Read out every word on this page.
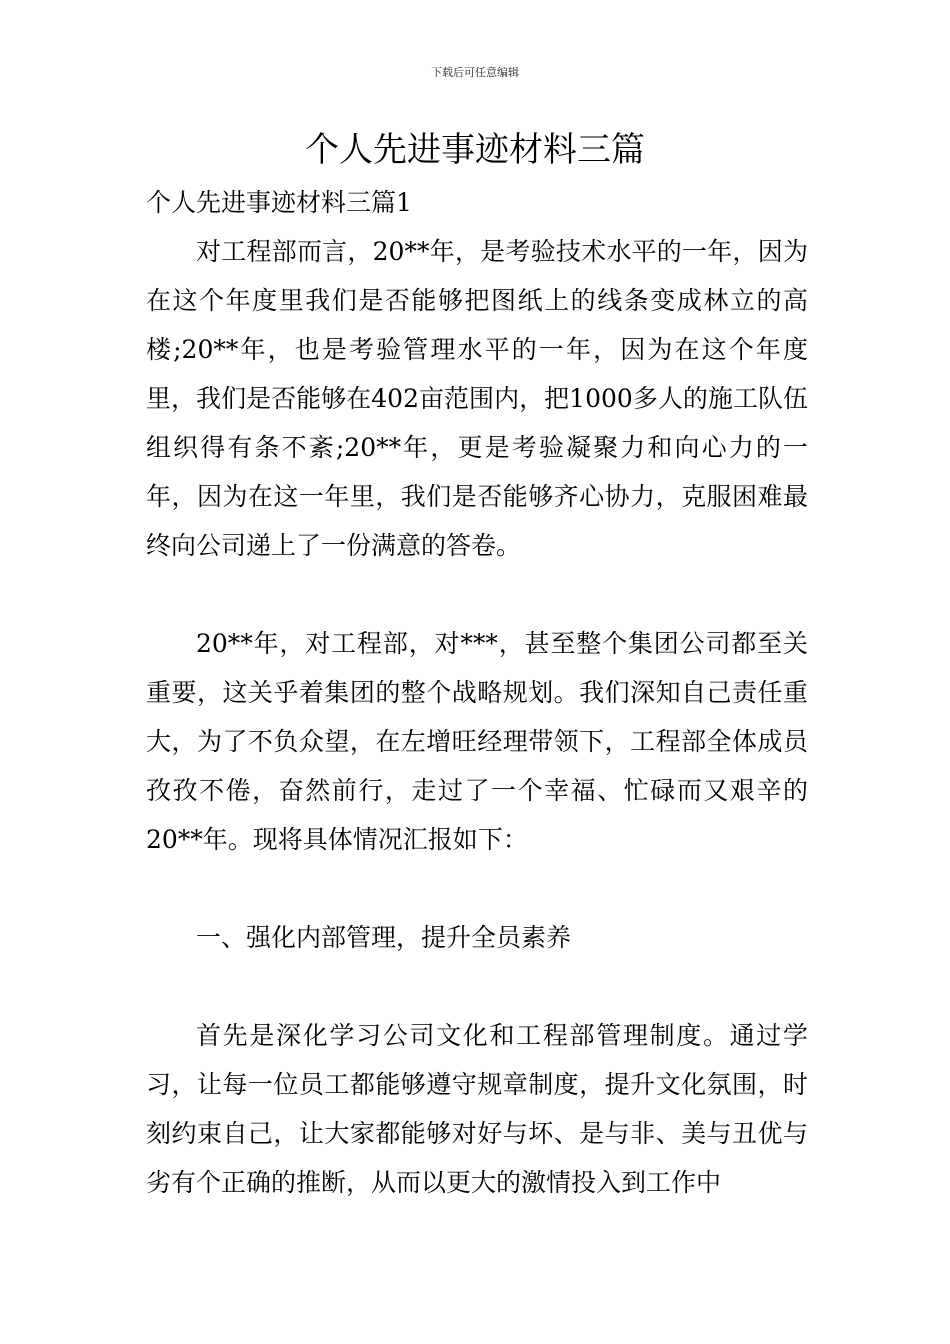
下载后可任意编辑
个人先进事迹材料三篇

个人先进事迹材料三篇1

对工程部而言，20**年，是考验技术水平的一年，因为在这个年度里我们是否能够把图纸上的线条变成林立的高楼;20**年，也是考验管理水平的一年，因为在这个年度里，我们是否能够在402亩范围内，把1000多人的施工队伍组织得有条不紊;20**年，更是考验凝聚力和向心力的一年，因为在这一年里，我们是否能够齐心协力，克服困难最终向公司递上了一份满意的答卷。

20**年，对工程部，对***，甚至整个集团公司都至关重要，这关乎着集团的整个战略规划。我们深知自己责任重大，为了不负众望，在左增旺经理带领下，工程部全体成员孜孜不倦，奋然前行，走过了一个幸福、忙碌而又艰辛的20**年。现将具体情况汇报如下：

一、强化内部管理，提升全员素养

首先是深化学习公司文化和工程部管理制度。通过学习，让每一位员工都能够遵守规章制度，提升文化氛围，时刻约束自己，让大家都能够对好与坏、是与非、美与丑优与劣有个正确的推断，从而以更大的激情投入到工作中
